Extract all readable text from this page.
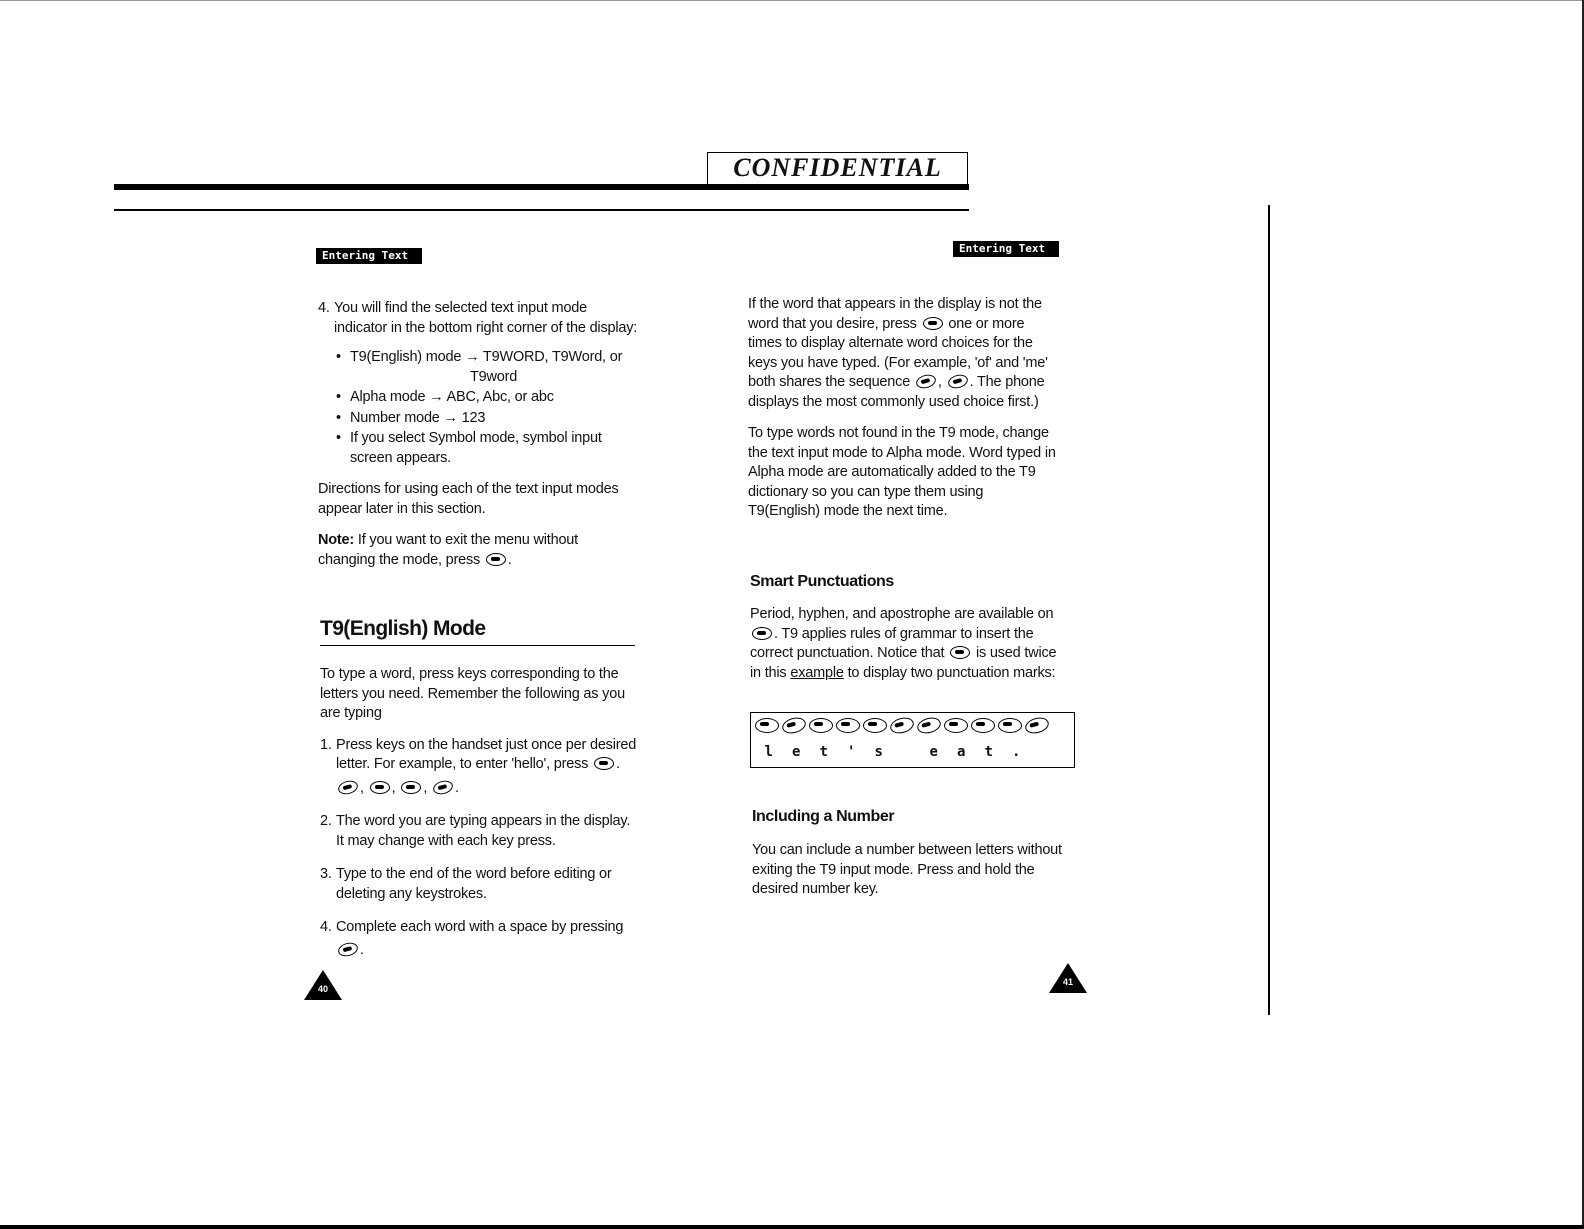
CONFIDENTIAL
Entering Text
Entering Text
4. You will find the selected text input mode indicator in the bottom right corner of the display:

• T9(English) mode → T9WORD, T9Word, or
T9word
• Alpha mode → ABC, Abc, or abc
• Number mode → 123
• If you select Symbol mode, symbol input screen appears.

Directions for using each of the text input modes appear later in this section.

Note: If you want to exit the menu without changing the mode, press .

T9(English) Mode

To type a word, press keys corresponding to the letters you need. Remember the following as you are typing

1. Press keys on the handset just once per desired letter. For example, to enter 'hello', press .

, , , .

2. The word you are typing appears in the display. It may change with each key press.

3. Type to the end of the word before editing or deleting any keystrokes.

4. Complete each word with a space by pressing

.

40

If the word that appears in the display is not the word that you desire, press one or more times to display alternate word choices for the keys you have typed. (For example, 'of' and 'me' both shares the sequence , . The phone displays the most commonly used choice first.)

To type words not found in the T9 mode, change the text input mode to Alpha mode. Word typed in Alpha mode are automatically added to the T9 dictionary so you can type them using T9(English) mode the next time.

Smart Punctuations

Period, hyphen, and apostrophe are available on . T9 applies rules of grammar to insert the correct punctuation. Notice that is used twice in this example to display two punctuation marks:

l	e	t	'	s	e	a	t	.
Including a Number

You can include a number between letters without exiting the T9 input mode. Press and hold the desired number key.

41
